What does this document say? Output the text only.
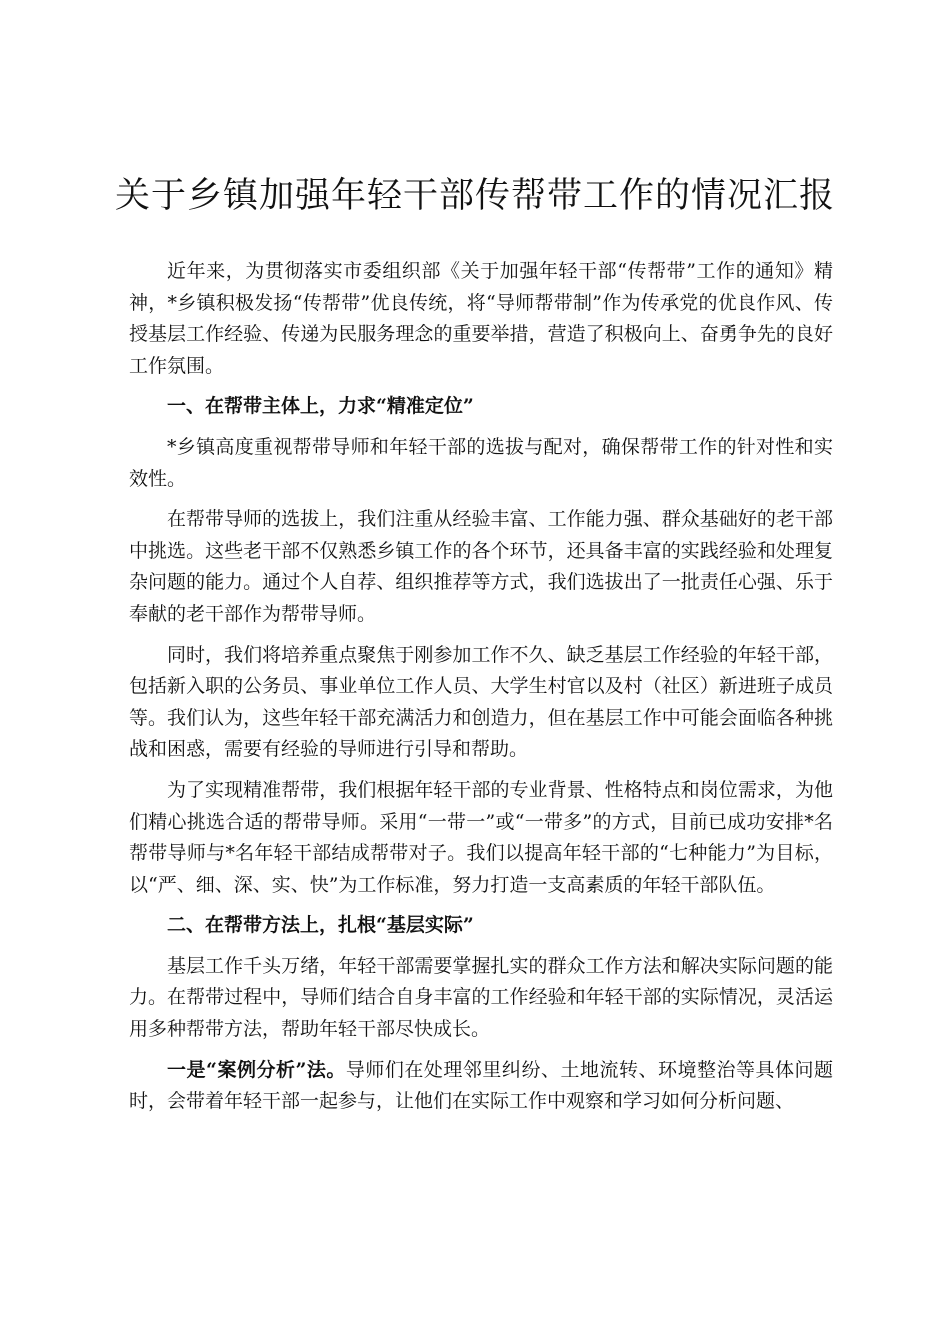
关于乡镇加强年轻干部传帮带工作的情况汇报

近年来，为贯彻落实市委组织部《关于加强年轻干部“传帮带”工作的通知》精神，*乡镇积极发扬“传帮带”优良传统，将“导师帮带制”作为传承党的优良作风、传授基层工作经验、传递为民服务理念的重要举措，营造了积极向上、奋勇争先的良好工作氛围。

一、在帮带主体上，力求“精准定位”

*乡镇高度重视帮带导师和年轻干部的选拔与配对，确保帮带工作的针对性和实效性。

在帮带导师的选拔上，我们注重从经验丰富、工作能力强、群众基础好的老干部中挑选。这些老干部不仅熟悉乡镇工作的各个环节，还具备丰富的实践经验和处理复杂问题的能力。通过个人自荐、组织推荐等方式，我们选拔出了一批责任心强、乐于奉献的老干部作为帮带导师。

同时，我们将培养重点聚焦于刚参加工作不久、缺乏基层工作经验的年轻干部，包括新入职的公务员、事业单位工作人员、大学生村官以及村（社区）新进班子成员等。我们认为，这些年轻干部充满活力和创造力，但在基层工作中可能会面临各种挑战和困惑，需要有经验的导师进行引导和帮助。

为了实现精准帮带，我们根据年轻干部的专业背景、性格特点和岗位需求，为他们精心挑选合适的帮带导师。采用“一带一”或“一带多”的方式，目前已成功安排*名帮带导师与*名年轻干部结成帮带对子。我们以提高年轻干部的“七种能力”为目标，以“严、细、深、实、快”为工作标准，努力打造一支高素质的年轻干部队伍。

二、在帮带方法上，扎根“基层实际”

基层工作千头万绪，年轻干部需要掌握扎实的群众工作方法和解决实际问题的能力。在帮带过程中，导师们结合自身丰富的工作经验和年轻干部的实际情况，灵活运用多种帮带方法，帮助年轻干部尽快成长。

一是“案例分析”法。导师们在处理邻里纠纷、土地流转、环境整治等具体问题时，会带着年轻干部一起参与，让他们在实际工作中观察和学习如何分析问题、
